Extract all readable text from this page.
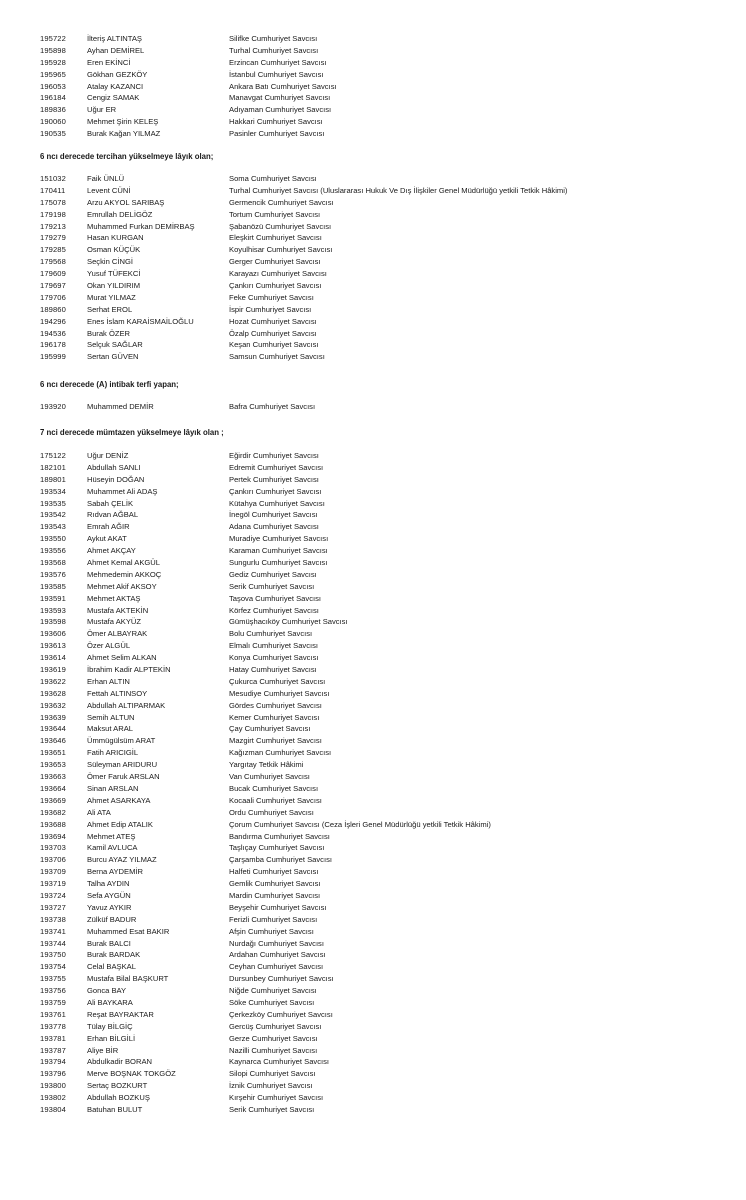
195722	İlteriş ALTINTAŞ	Silifke Cumhuriyet Savcısı
195898	Ayhan DEMİREL	Turhal Cumhuriyet Savcısı
195928	Eren EKİNCİ	Erzincan Cumhuriyet Savcısı
195965	Gökhan GEZKÖY	İstanbul Cumhuriyet Savcısı
196053	Atalay KAZANCI	Ankara Batı Cumhuriyet Savcısı
196184	Cengiz SAMAK	Manavgat Cumhuriyet Savcısı
189836	Uğur ER	Adıyaman Cumhuriyet Savcısı
190060	Mehmet Şirin KELEŞ	Hakkari Cumhuriyet Savcısı
190535	Burak Kağan YILMAZ	Pasinler Cumhuriyet Savcısı
6 ncı derecede tercihan yükselmeye lâyık olan;
151032	Faik ÜNLÜ	Soma Cumhuriyet Savcısı
170411	Levent CÜNİ	Turhal Cumhuriyet Savcısı (Uluslararası Hukuk Ve Dış İlişkiler Genel Müdürlüğü yetkili Tetkik Hâkimi)
175078	Arzu AKYOL SARIBAŞ	Germencik Cumhuriyet Savcısı
179198	Emrullah DELİGÖZ	Tortum Cumhuriyet Savcısı
179213	Muhammed Furkan DEMİRBAŞ	Şabanözü Cumhuriyet Savcısı
179279	Hasan KURGAN	Eleşkirt Cumhuriyet Savcısı
179285	Osman KÜÇÜK	Koyulhisar Cumhuriyet Savcısı
179568	Seçkin CİNGİ	Gerger Cumhuriyet Savcısı
179609	Yusuf TÜFEKCİ	Karayazı Cumhuriyet Savcısı
179697	Okan YILDIRIM	Çankırı Cumhuriyet Savcısı
179706	Murat YILMAZ	Feke Cumhuriyet Savcısı
189860	Serhat EROL	İspir Cumhuriyet Savcısı
194296	Enes İslam KARAİSMAİLOĞLU	Hozat Cumhuriyet Savcısı
194536	Burak ÖZER	Özalp Cumhuriyet Savcısı
196178	Selçuk SAĞLAR	Keşan Cumhuriyet Savcısı
195999	Sertan GÜVEN	Samsun Cumhuriyet Savcısı
6 ncı derecede (A) intibak terfi yapan;
193920	Muhammed DEMİR	Bafra Cumhuriyet Savcısı
7 nci derecede mümtazen yükselmeye lâyık olan ;
175122	Uğur DENİZ	Eğirdir Cumhuriyet Savcısı
182101	Abdullah SANLI	Edremit Cumhuriyet Savcısı
189801	Hüseyin DOĞAN	Pertek Cumhuriyet Savcısı
193534	Muhammet Ali ADAŞ	Çankırı Cumhuriyet Savcısı
193535	Sabah ÇELİK	Kütahya Cumhuriyet Savcısı
193542	Rıdvan AĞBAL	İnegöl Cumhuriyet Savcısı
193543	Emrah AĞIR	Adana Cumhuriyet Savcısı
193550	Aykut AKAT	Muradiye Cumhuriyet Savcısı
193556	Ahmet AKÇAY	Karaman Cumhuriyet Savcısı
193568	Ahmet Kemal AKGÜL	Sungurlu Cumhuriyet Savcısı
193576	Mehmedemin AKKOÇ	Gediz Cumhuriyet Savcısı
193585	Mehmet Akif AKSOY	Serik Cumhuriyet Savcısı
193591	Mehmet AKTAŞ	Taşova Cumhuriyet Savcısı
193593	Mustafa AKTEKİN	Körfez Cumhuriyet Savcısı
193598	Mustafa AKYÜZ	Gümüşhacıköy Cumhuriyet Savcısı
193606	Ömer ALBAYRAK	Bolu Cumhuriyet Savcısı
193613	Özer ALGÜL	Elmalı Cumhuriyet Savcısı
193614	Ahmet Selim ALKAN	Konya Cumhuriyet Savcısı
193619	İbrahim Kadir ALPTEKİN	Hatay Cumhuriyet Savcısı
193622	Erhan ALTIN	Çukurca Cumhuriyet Savcısı
193628	Fettah ALTINSOY	Mesudiye Cumhuriyet Savcısı
193632	Abdullah ALTIPARMAK	Gördes Cumhuriyet Savcısı
193639	Semih ALTUN	Kemer Cumhuriyet Savcısı
193644	Maksut ARAL	Çay Cumhuriyet Savcısı
193646	Ümmügülsüm ARAT	Mazgirt Cumhuriyet Savcısı
193651	Fatih ARICIGİL	Kağızman Cumhuriyet Savcısı
193653	Süleyman ARIDURU	Yargıtay Tetkik Hâkimi
193663	Ömer Faruk ARSLAN	Van Cumhuriyet Savcısı
193664	Sinan ARSLAN	Bucak Cumhuriyet Savcısı
193669	Ahmet ASARKAYA	Kocaali Cumhuriyet Savcısı
193682	Ali ATA	Ordu Cumhuriyet Savcısı
193688	Ahmet Edip ATALIK	Çorum Cumhuriyet Savcısı (Ceza İşleri Genel Müdürlüğü yetkili Tetkik Hâkimi)
193694	Mehmet ATEŞ	Bandırma Cumhuriyet Savcısı
193703	Kamil AVLUCA	Taşlıçay Cumhuriyet Savcısı
193706	Burcu AYAZ YILMAZ	Çarşamba Cumhuriyet Savcısı
193709	Berna AYDEMİR	Halfeti Cumhuriyet Savcısı
193719	Talha AYDIN	Gemlik Cumhuriyet Savcısı
193724	Sefa AYGÜN	Mardin Cumhuriyet Savcısı
193727	Yavuz AYKIR	Beyşehir Cumhuriyet Savcısı
193738	Zülküf BADUR	Ferizli Cumhuriyet Savcısı
193741	Muhammed Esat BAKIR	Afşin Cumhuriyet Savcısı
193744	Burak BALCI	Nurdağı Cumhuriyet Savcısı
193750	Burak BARDAK	Ardahan Cumhuriyet Savcısı
193754	Celal BAŞKAL	Ceyhan Cumhuriyet Savcısı
193755	Mustafa Bilal BAŞKURT	Dursunbey Cumhuriyet Savcısı
193756	Gonca BAY	Niğde Cumhuriyet Savcısı
193759	Ali BAYKARA	Söke Cumhuriyet Savcısı
193761	Reşat BAYRAKTAR	Çerkezköy Cumhuriyet Savcısı
193778	Tülay BİLGİÇ	Gercüş Cumhuriyet Savcısı
193781	Erhan BİLGİLİ	Gerze Cumhuriyet Savcısı
193787	Aliye BİR	Nazilli Cumhuriyet Savcısı
193794	Abdulkadir BORAN	Kaynarca Cumhuriyet Savcısı
193796	Merve BOŞNAK TOKGÖZ	Silopi Cumhuriyet Savcısı
193800	Sertaç BOZKURT	İznik Cumhuriyet Savcısı
193802	Abdullah BOZKUŞ	Kırşehir Cumhuriyet Savcısı
193804	Batuhan BULUT	Serik Cumhuriyet Savcısı
